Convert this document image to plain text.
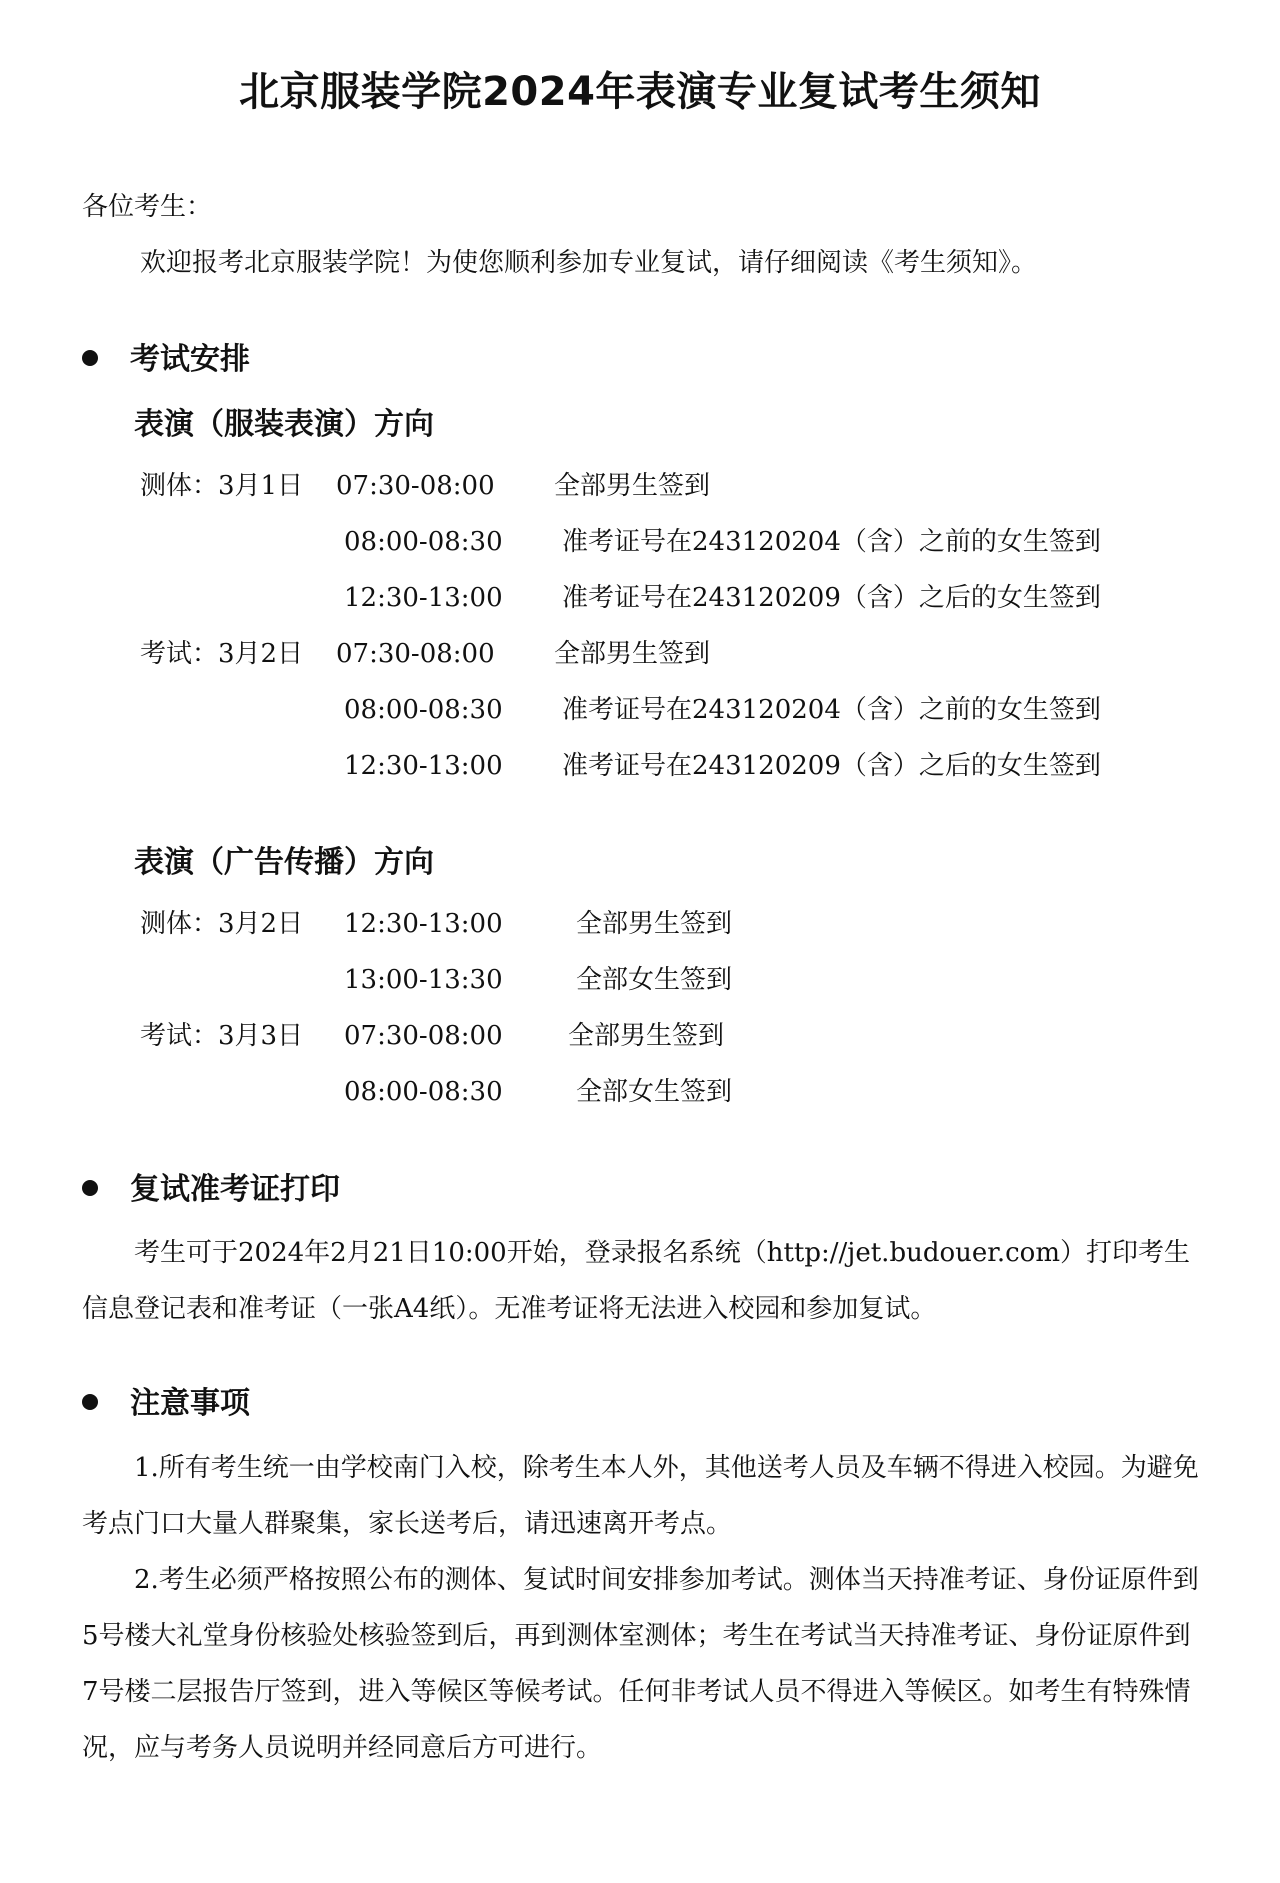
北京服装学院2024年表演专业复试考生须知
各位考生：
欢迎报考北京服装学院！为使您顺利参加专业复试，请仔细阅读《考生须知》。
考试安排
表演（服装表演）方向
测体：3月1日 07:30-08:00 全部男生签到
08:00-08:30 准考证号在243120204（含）之前的女生签到
12:30-13:00 准考证号在243120209（含）之后的女生签到
考试：3月2日 07:30-08:00 全部男生签到
08:00-08:30 准考证号在243120204（含）之前的女生签到
12:30-13:00 准考证号在243120209（含）之后的女生签到
表演（广告传播）方向
测体：3月2日 12:30-13:00	全部男生签到
13:00-13:30	全部女生签到
考试：3月3日 07:30-08:00	全部男生签到
08:00-08:30	全部女生签到
复试准考证打印
考生可于2024年2月21日10:00开始，登录报名系统（http://jet.budouer.com）打印考生信息登记表和准考证（一张A4纸）。无准考证将无法进入校园和参加复试。
注意事项
1.所有考生统一由学校南门入校，除考生本人外，其他送考人员及车辆不得进入校园。为避免考点门口大量人群聚集，家长送考后，请迅速离开考点。
2.考生必须严格按照公布的测体、复试时间安排参加考试。测体当天持准考证、身份证原件到5号楼大礼堂身份核验处核验签到后，再到测体室测体；考生在考试当天持准考证、身份证原件到7号楼二层报告厅签到，进入等候区等候考试。任何非考试人员不得进入等候区。如考生有特殊情况，应与考务人员说明并经同意后方可进行。
